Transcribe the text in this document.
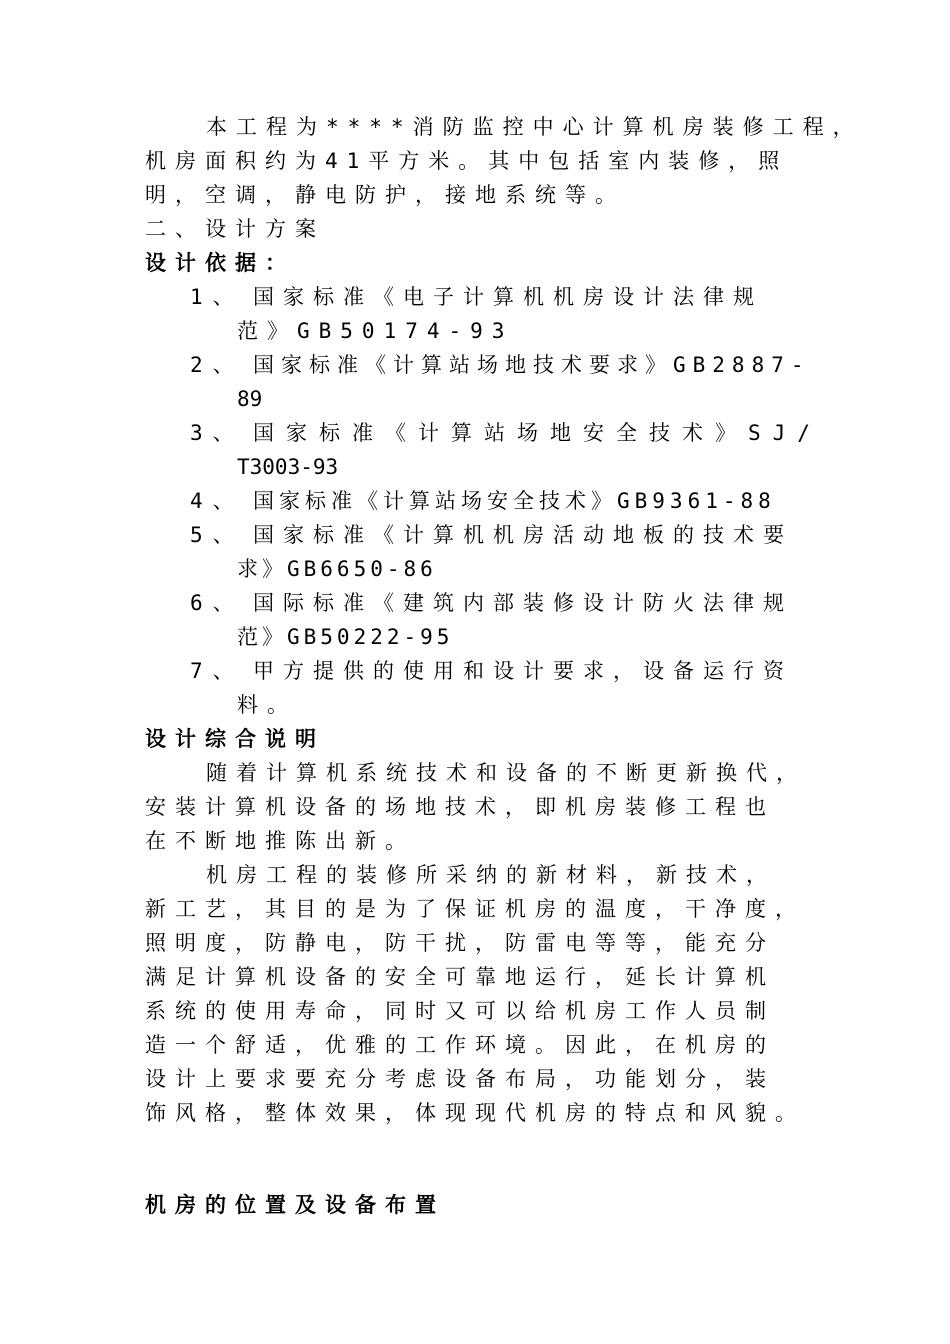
本工程为****消防监控中心计算机房装修工程，
机房面积约为41平方米。其中包括室内装修，照
明，空调，静电防护，接地系统等。
二、设计方案
设计依据：
1、 国家标准《电子计算机机房设计法律规
范》GB50174-93
2、 国家标准《计算站场地技术要求》GB2887-
89
3、 国家标准《计算站场地安全技术》SJ/
T3003-93
4、 国家标准《计算站场安全技术》GB9361-88
5、 国家标准《计算机机房活动地板的技术要
求》GB6650-86
6、 国际标准《建筑内部装修设计防火法律规
范》GB50222-95
7、 甲方提供的使用和设计要求，设备运行资
料。
设计综合说明
随着计算机系统技术和设备的不断更新换代，
安装计算机设备的场地技术，即机房装修工程也
在不断地推陈出新。
机房工程的装修所采纳的新材料，新技术，
新工艺，其目的是为了保证机房的温度，干净度，
照明度，防静电，防干扰，防雷电等等，能充分
满足计算机设备的安全可靠地运行，延长计算机
系统的使用寿命，同时又可以给机房工作人员制
造一个舒适，优雅的工作环境。因此，在机房的
设计上要求要充分考虑设备布局，功能划分，装
饰风格，整体效果，体现现代机房的特点和风貌。
机房的位置及设备布置
